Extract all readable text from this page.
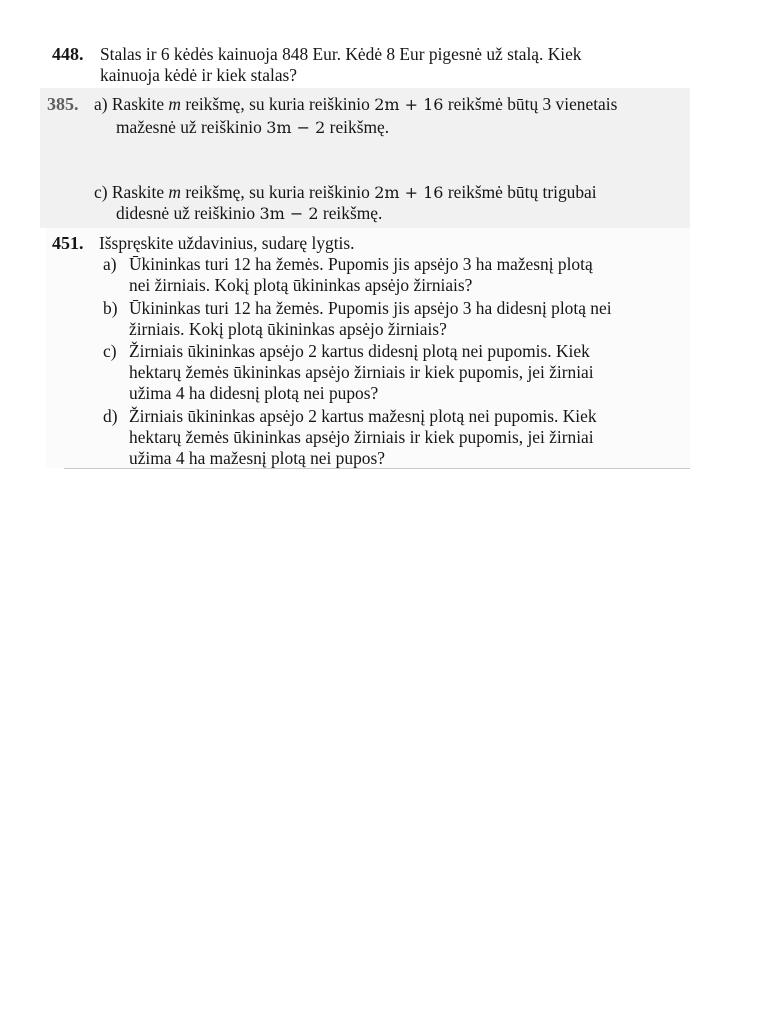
448. Stalas ir 6 kėdės kainuoja 848 Eur. Kėdė 8 Eur pigesnė už stalą. Kiek
kainuoja kėdė ir kiek stalas?
385. a) Raskite m reikšmę, su kuria reiškinio 2m + 16 reikšmė būtų 3 vienetais
mažesnė už reiškinio 3m − 2 reikšmę.
c) Raskite m reikšmę, su kuria reiškinio 2m + 16 reikšmė būtų trigubai
didesnė už reiškinio 3m − 2 reikšmę.
451. Išspręskite uždavinius, sudarę lygtis.
a) Ūkininkas turi 12 ha žemės. Pupomis jis apsėjo 3 ha mažesnį plotą
nei žirniais. Kokį plotą ūkininkas apsėjo žirniais?
b) Ūkininkas turi 12 ha žemės. Pupomis jis apsėjo 3 ha didesnį plotą nei
žirniais. Kokį plotą ūkininkas apsėjo žirniais?
c) Žirniais ūkininkas apsėjo 2 kartus didesnį plotą nei pupomis. Kiek
hektarų žemės ūkininkas apsėjo žirniais ir kiek pupomis, jei žirniai
užima 4 ha didesnį plotą nei pupos?
d) Žirniais ūkininkas apsėjo 2 kartus mažesnį plotą nei pupomis. Kiek
hektarų žemės ūkininkas apsėjo žirniais ir kiek pupomis, jei žirniai
užima 4 ha mažesnį plotą nei pupos?
